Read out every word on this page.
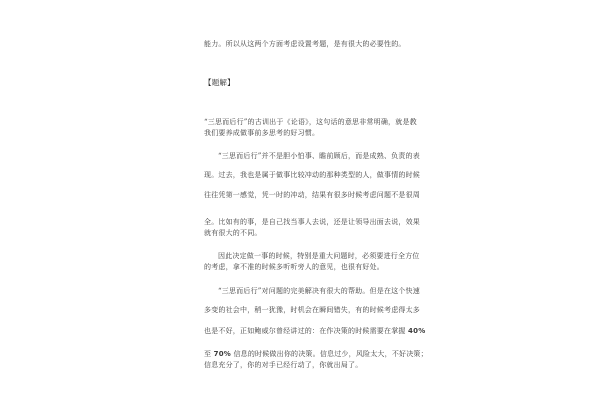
能力。所以从这两个方面考虑设置考题，是有很大的必要性的。
【题解】
“三思而后行”的古训出于《论语》，这句话的意思非常明确，就是教
我们要养成做事前多思考的好习惯。
“三思而后行”并不是胆小怕事、瞻前顾后，而是成熟、负责的表
现。过去，我也是属于做事比较冲动的那种类型的人，做事情的时候
往往凭第一感觉，凭一时的冲动，结果有很多时候考虑问题不是很周
全。比如有的事，是自己找当事人去说，还是让领导出面去说，效果
就有很大的不同。
因此决定做一事的时候，特别是重大问题时，必须要进行全方位
的考虑，拿不准的时候多听听旁人的意见，也很有好处。
“三思而后行”对问题的完美解决有很大的帮助。但是在这个快速
多变的社会中，稍一犹豫，时机会在瞬间错失，有的时候考虑得太多
也是不好，正如鲍威尔曾经讲过的：在作决策的时候需要在掌握 40%
至 70% 信息的时候做出你的决策。信息过少，风险太大，不好决策；
信息充分了，你的对手已经行动了，你就出局了。
